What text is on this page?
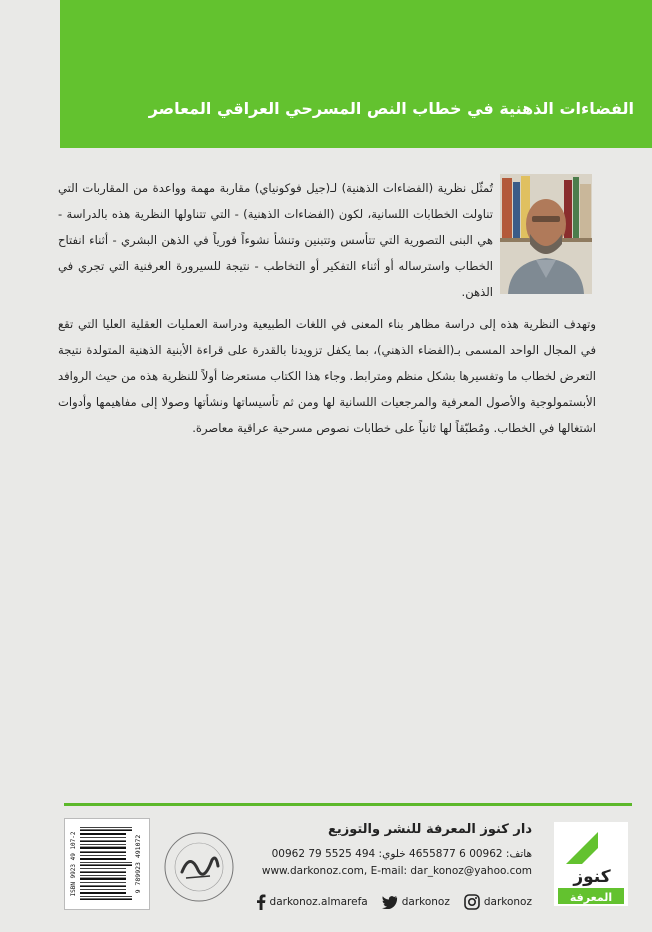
الفضاءات الذهنية في خطاب النص المسرحي العراقي المعاصر

تُمثّل نظرية (الفضاءات الذهنية) لـ(جيل فوكونياي) مقاربة مهمة وواعدة من المقاربات التي تناولت الخطابات اللسانية، لكون (الفضاءات الذهنية) - التي تتناولها النظرية هذه بالدراسة - هي البنى التصورية التي تتأسس وتتبنين وتنشأ نشوءاً فورياً في الذهن البشري - أثناء انفتاح الخطاب واسترساله أو أثناء التفكير أو التخاطب - نتيجة للسيرورة العرفنية التي تجري في الذهن.

وتهدف النظرية هذه إلى دراسة مظاهر بناء المعنى في اللغات الطبيعية ودراسة العمليات العقلية العليا التي تقع في المجال الواحد المسمى بـ(الفضاء الذهني)، بما يكفل تزويدنا بالقدرة على قراءة الأبنية الذهنية المتولدة نتيجة التعرض لخطاب ما وتفسيرها بشكل منظم ومترابط. وجاء هذا الكتاب مستعرضا أولاً للنظرية هذه من حيث الروافد الأبستمولوجية والأصول المعرفية والمرجعيات اللسانية لها ومن ثم تأسيساتها ونشأتها وصولا إلى مفاهيمها وأدوات اشتغالها في الخطاب. ومُطبّقاً لها ثانياً على خطابات نصوص مسرحية عراقية معاصرة.

كنوز
المعرفة
دار كنوز المعرفة للنشر والتوزيع
هاتف: 00962 6 4655877 خلوي: 494 5525 79 00962
www.darkonoz.com, E-mail: dar_konoz@yahoo.com
darkonoz
darkonoz
darkonoz.almarefa
ISBN 9923 49 107-2	9 789923 491072
